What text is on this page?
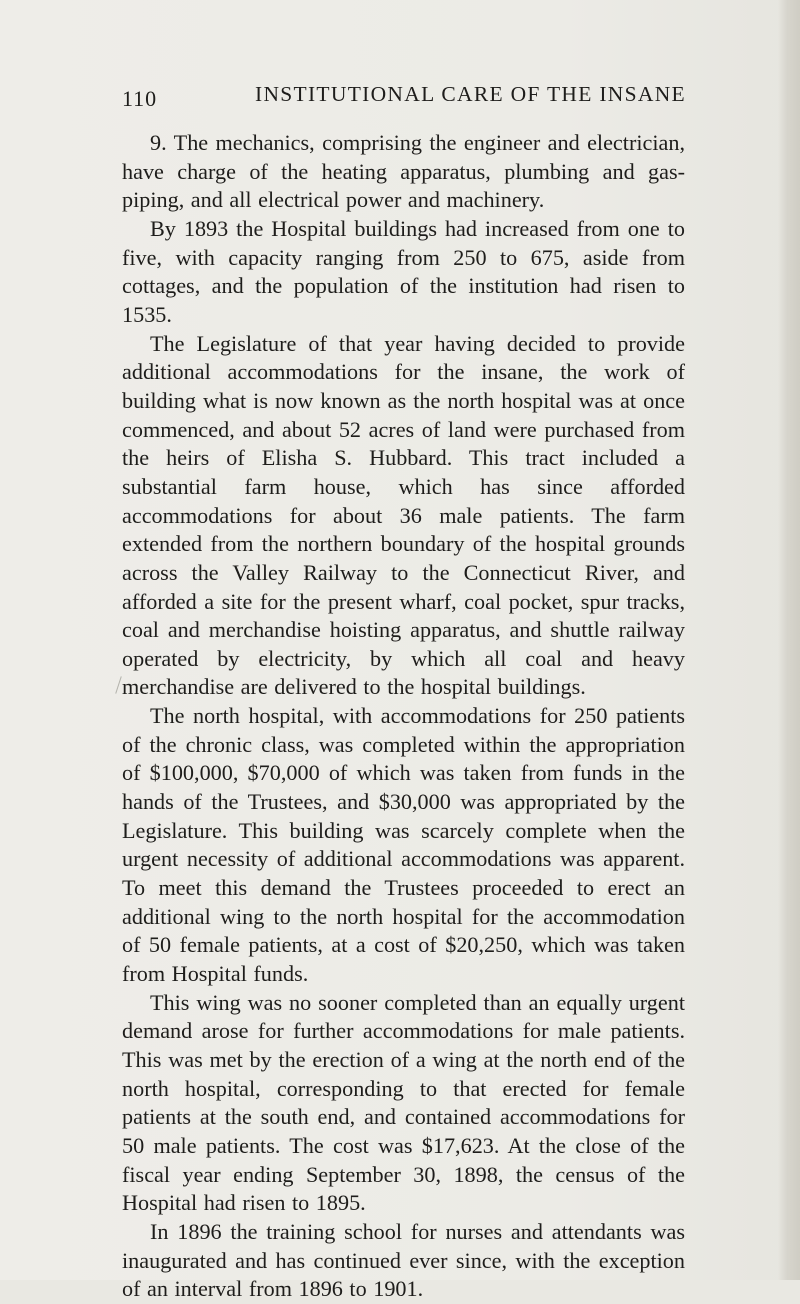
110	INSTITUTIONAL CARE OF THE INSANE

9. The mechanics, comprising the engineer and electrician, have charge of the heating apparatus, plumbing and gas-piping, and all electrical power and machinery.

By 1893 the Hospital buildings had increased from one to five, with capacity ranging from 250 to 675, aside from cottages, and the population of the institution had risen to 1535.

The Legislature of that year having decided to provide additional accommodations for the insane, the work of building what is now known as the north hospital was at once commenced, and about 52 acres of land were purchased from the heirs of Elisha S. Hubbard. This tract included a substantial farm house, which has since afforded accommodations for about 36 male patients. The farm extended from the northern boundary of the hospital grounds across the Valley Railway to the Connecticut River, and afforded a site for the present wharf, coal pocket, spur tracks, coal and merchandise hoisting apparatus, and shuttle railway operated by electricity, by which all coal and heavy merchandise are delivered to the hospital buildings.

The north hospital, with accommodations for 250 patients of the chronic class, was completed within the appropriation of $100,000, $70,000 of which was taken from funds in the hands of the Trustees, and $30,000 was appropriated by the Legislature. This building was scarcely complete when the urgent necessity of additional accommodations was apparent. To meet this demand the Trustees proceeded to erect an additional wing to the north hospital for the accommodation of 50 female patients, at a cost of $20,250, which was taken from Hospital funds.

This wing was no sooner completed than an equally urgent demand arose for further accommodations for male patients. This was met by the erection of a wing at the north end of the north hospital, corresponding to that erected for female patients at the south end, and contained accommodations for 50 male patients. The cost was $17,623. At the close of the fiscal year ending September 30, 1898, the census of the Hospital had risen to 1895.

In 1896 the training school for nurses and attendants was inaugurated and has continued ever since, with the exception of an interval from 1896 to 1901.
